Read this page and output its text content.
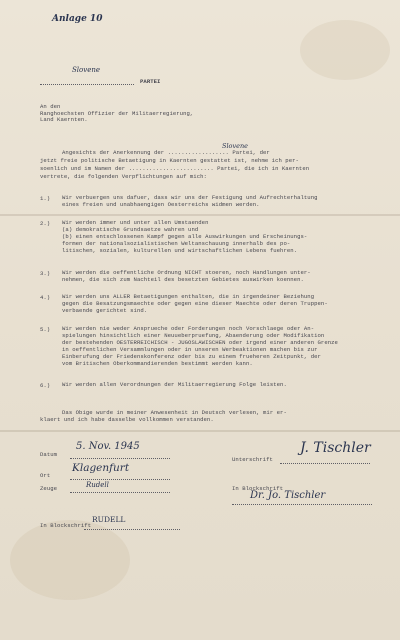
Anlage 10
Slovene
PARTEI
An den
Ranghoechsten Offizier der Militaerregierung,
Land Kaernten.
Slovene
Angesichts der Anerkennung der .................. Partei, der
jetzt freie politische Betaetigung in Kaernten gestattet ist, nehme ich per-
soenlich und im Namen der ......................... Partei, die ich in Kaernten
vertrete, die folgenden Verpflichtungen auf mich:
1.) Wir verbuergen uns dafuer, dass wir uns der Festigung und Aufrechterhaltung
eines freien und unabhaengigen Oesterreichs widmen werden.
2.) Wir werden immer und unter allen Umstaenden
(a) demokratische Grundsaetze wahren und
(b) einen entschlossenen Kampf gegen alle Auswirkungen und Erscheinungs-
formen der nationalsozialistischen Weltanschauung innerhalb des po-
litischen, sozialen, kulturellen und wirtschaftlichen Lebens fuehren.
3.) Wir werden die oeffentliche Ordnung NICHT stoeren, noch Handlungen unter-
nehmen, die sich zum Nachteil des besetzten Gebietes auswirken koennen.
4.) Wir werden uns ALLER Betaetigungen enthalten, die in irgendeiner Beziehung
gegen die Besatzungsmaechte oder gegen eine dieser Maechte oder deren Truppen-
verbaende gerichtet sind.
5.) Wir werden nie weder Ansprueche oder Forderungen noch Vorschlaege oder An-
spielungen hinsichtlich einer Neuueberpruefung, Abaenderung oder Modifikation
der bestehenden OESTERREICHISCH - JUGOSLAWISCHEN oder irgend einer anderen Grenze
in oeffentlichen Versammlungen oder in unseren Werbeaktionen machen bis zur
Einberufung der Friedenskonferenz oder bis zu einem frueheren Zeitpunkt, der
vom Britischen Oberkommandierenden bestimmt werden kann.
6.) Wir werden allen Verordnungen der Militaerregierung Folge leisten.
Das Obige wurde in meiner Anwesenheit in Deutsch verlesen, mir er-
klaert und ich habe dasselbe vollkommen verstanden.
Datum
5. Nov. 1945
Ort
Klagenfurt
Zeuge	Rudell
In Blockschrift
RUDELL
Unterschrift
J. Tischler
In Blockschrift
Dr. Jo. Tischler
